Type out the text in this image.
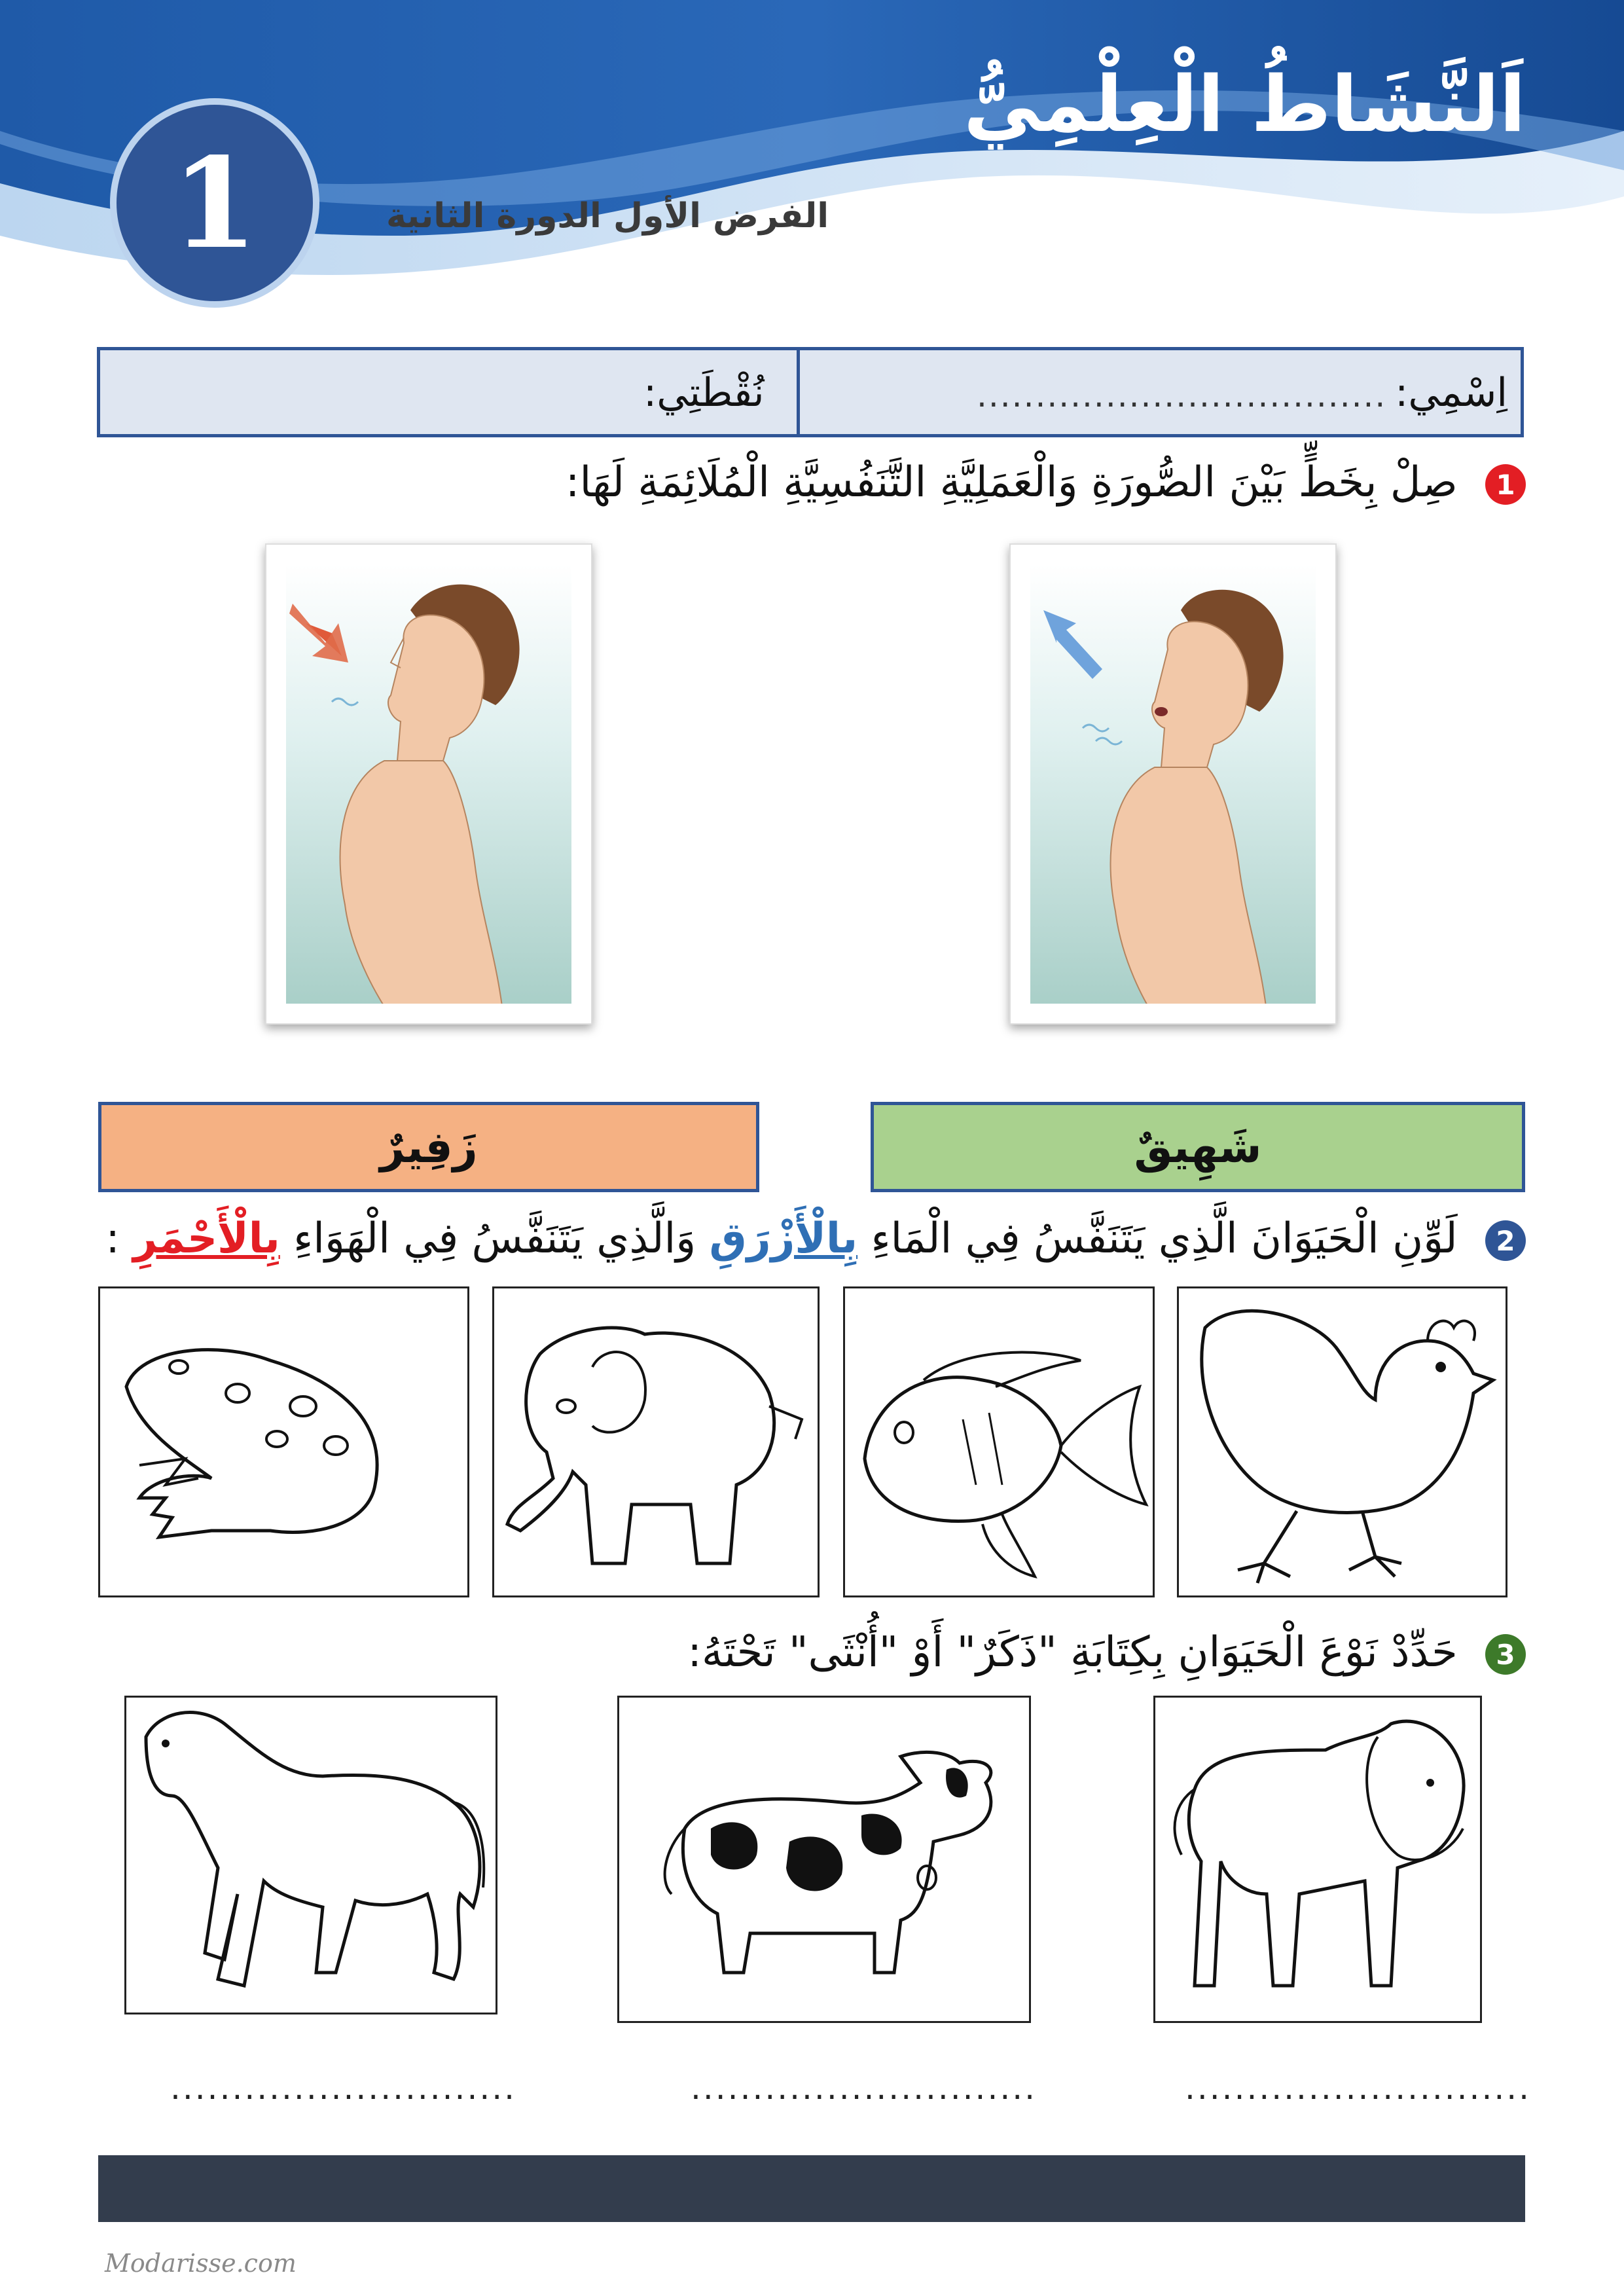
اَلنَّشَاطُ الْعِلْمِيُّ
الفرض الأول الدورة الثانية
1
نُقْطَتِي:	................................... اِسْمِي:
1 صِلْ بِخَطٍّ بَيْنَ الصُّورَةِ وَالْعَمَلِيَّةِ التَّنَفُسِيَّةِ الْمُلَائِمَةِ لَهَا:
زَفِيرٌ	شَهِيقٌ
2 لَوِّنِ الْحَيَوَانَ الَّذِي يَتَنَفَّسُ فِي الْمَاءِ بِالْأَزْرَقِ وَالَّذِي يَتَنَفَّسُ فِي الْهَوَاءِ بِالْأَحْمَرِ :
3 حَدِّدْ نَوْعَ الْحَيَوَانِ بِكِتَابَةِ "ذَكَرٌ" أَوْ "أُنْثَى" تَحْتَهُ:
............................	............................	............................
Modarisse.com
